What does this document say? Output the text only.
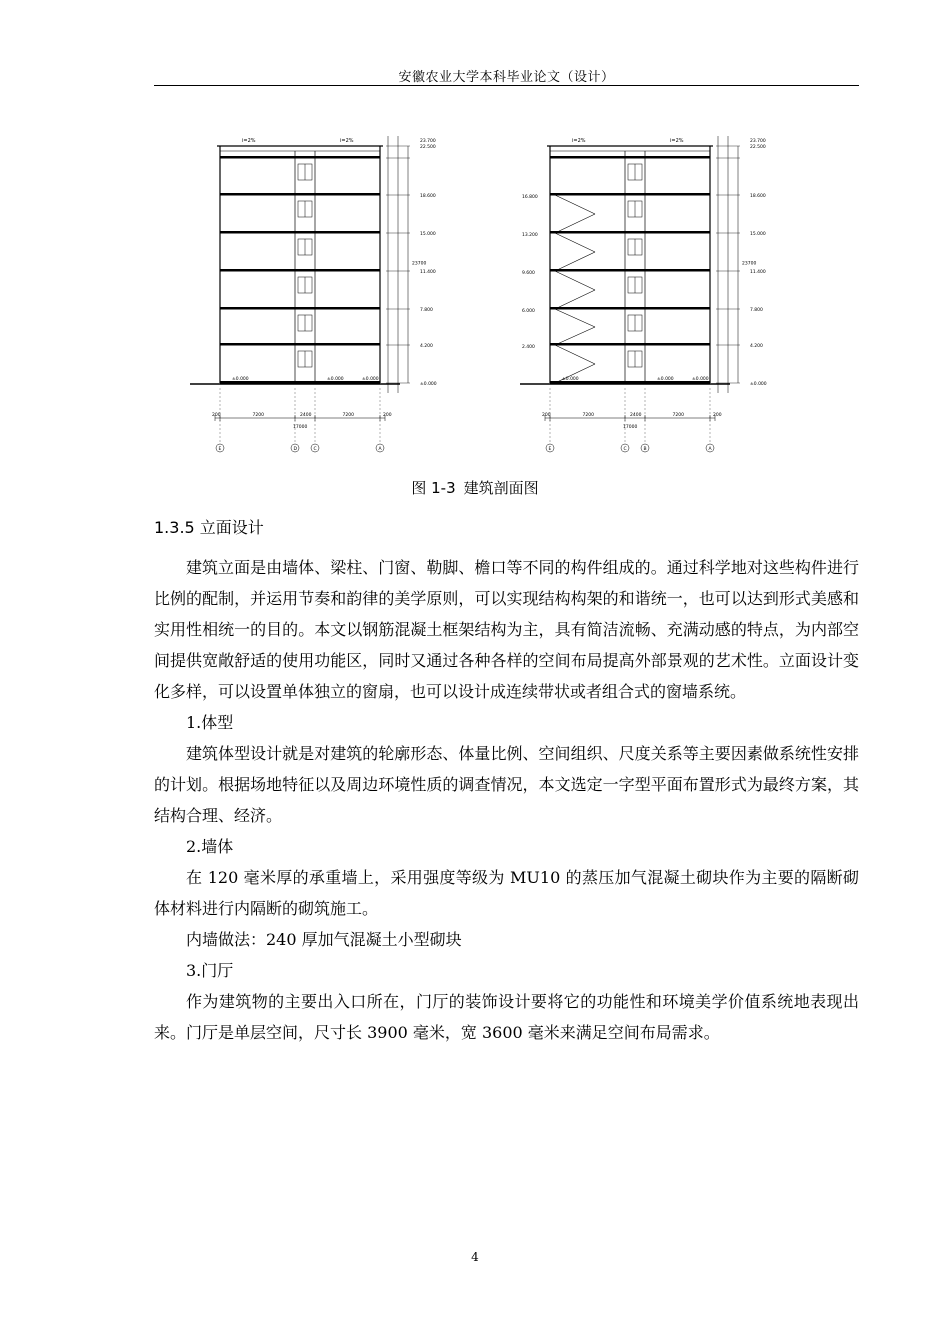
安徽农业大学本科毕业论文（设计）
i=2%	i=2%
±0.000	±0.000	±0.000
23700
23.700
22.500
18.600
15.000
11.400
7.800
4.200
±0.000
200	7200	2400	7200	200
17000
E	D	C	A
i=2%	i=2%
2.400
6.000
9.600
13.200
16.800
±0.000	±0.000	±0.000
23700
23.700
22.500
18.600
15.000
11.400
7.800
4.200
±0.000
200	7200	2400	7200	200
17000
E	C	B	A
图 1-3 建筑剖面图
1.3.5 立面设计

建筑立面是由墙体、梁柱、门窗、勒脚、檐口等不同的构件组成的。通过科学地对这些构件进行比例的配制，并运用节奏和韵律的美学原则，可以实现结构构架的和谐统一，也可以达到形式美感和实用性相统一的目的。本文以钢筋混凝土框架结构为主，具有简洁流畅、充满动感的特点，为内部空间提供宽敞舒适的使用功能区，同时又通过各种各样的空间布局提高外部景观的艺术性。立面设计变化多样，可以设置单体独立的窗扇，也可以设计成连续带状或者组合式的窗墙系统。

1.体型

建筑体型设计就是对建筑的轮廓形态、体量比例、空间组织、尺度关系等主要因素做系统性安排的计划。根据场地特征以及周边环境性质的调查情况，本文选定一字型平面布置形式为最终方案，其结构合理、经济。

2.墙体

在 120 毫米厚的承重墙上，采用强度等级为 MU10 的蒸压加气混凝土砌块作为主要的隔断砌体材料进行内隔断的砌筑施工。

内墙做法：240 厚加气混凝土小型砌块

3.门厅

作为建筑物的主要出入口所在，门厅的装饰设计要将它的功能性和环境美学价值系统地表现出来。门厅是单层空间，尺寸长 3900 毫米，宽 3600 毫米来满足空间布局需求。

4
